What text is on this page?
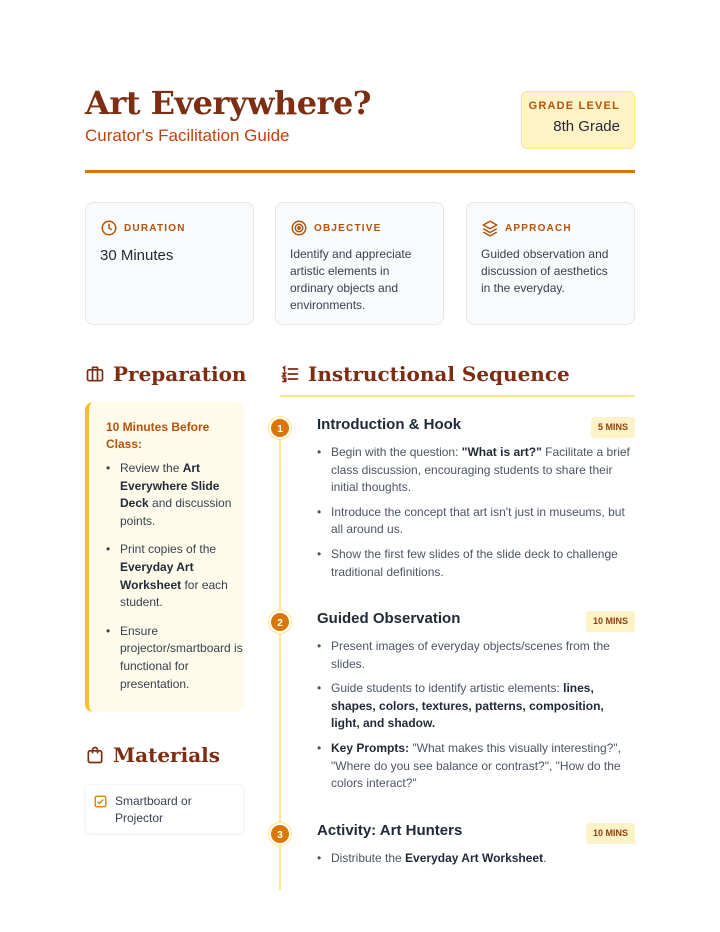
Art Everywhere?
Curator's Facilitation Guide
GRADE LEVEL
8th Grade
DURATION
30 Minutes
OBJECTIVE
Identify and appreciate artistic elements in ordinary objects and environments.
APPROACH
Guided observation and discussion of aesthetics in the everyday.
Preparation
10 Minutes Before Class:
• Review the Art Everywhere Slide Deck and discussion points.
• Print copies of the Everyday Art Worksheet for each student.
• Ensure projector/smartboard is functional for presentation.
Materials
Smartboard or Projector
Instructional Sequence
1	Introduction & Hook	5 MINS
• Begin with the question: "What is art?" Facilitate a brief class discussion, encouraging students to share their initial thoughts.
• Introduce the concept that art isn't just in museums, but all around us.
• Show the first few slides of the slide deck to challenge traditional definitions.
2	Guided Observation	10 MINS
• Present images of everyday objects/scenes from the slides.
• Guide students to identify artistic elements: lines, shapes, colors, textures, patterns, composition, light, and shadow.
• Key Prompts: "What makes this visually interesting?", "Where do you see balance or contrast?", "How do the colors interact?"
3	Activity: Art Hunters	10 MINS
• Distribute the Everyday Art Worksheet.
